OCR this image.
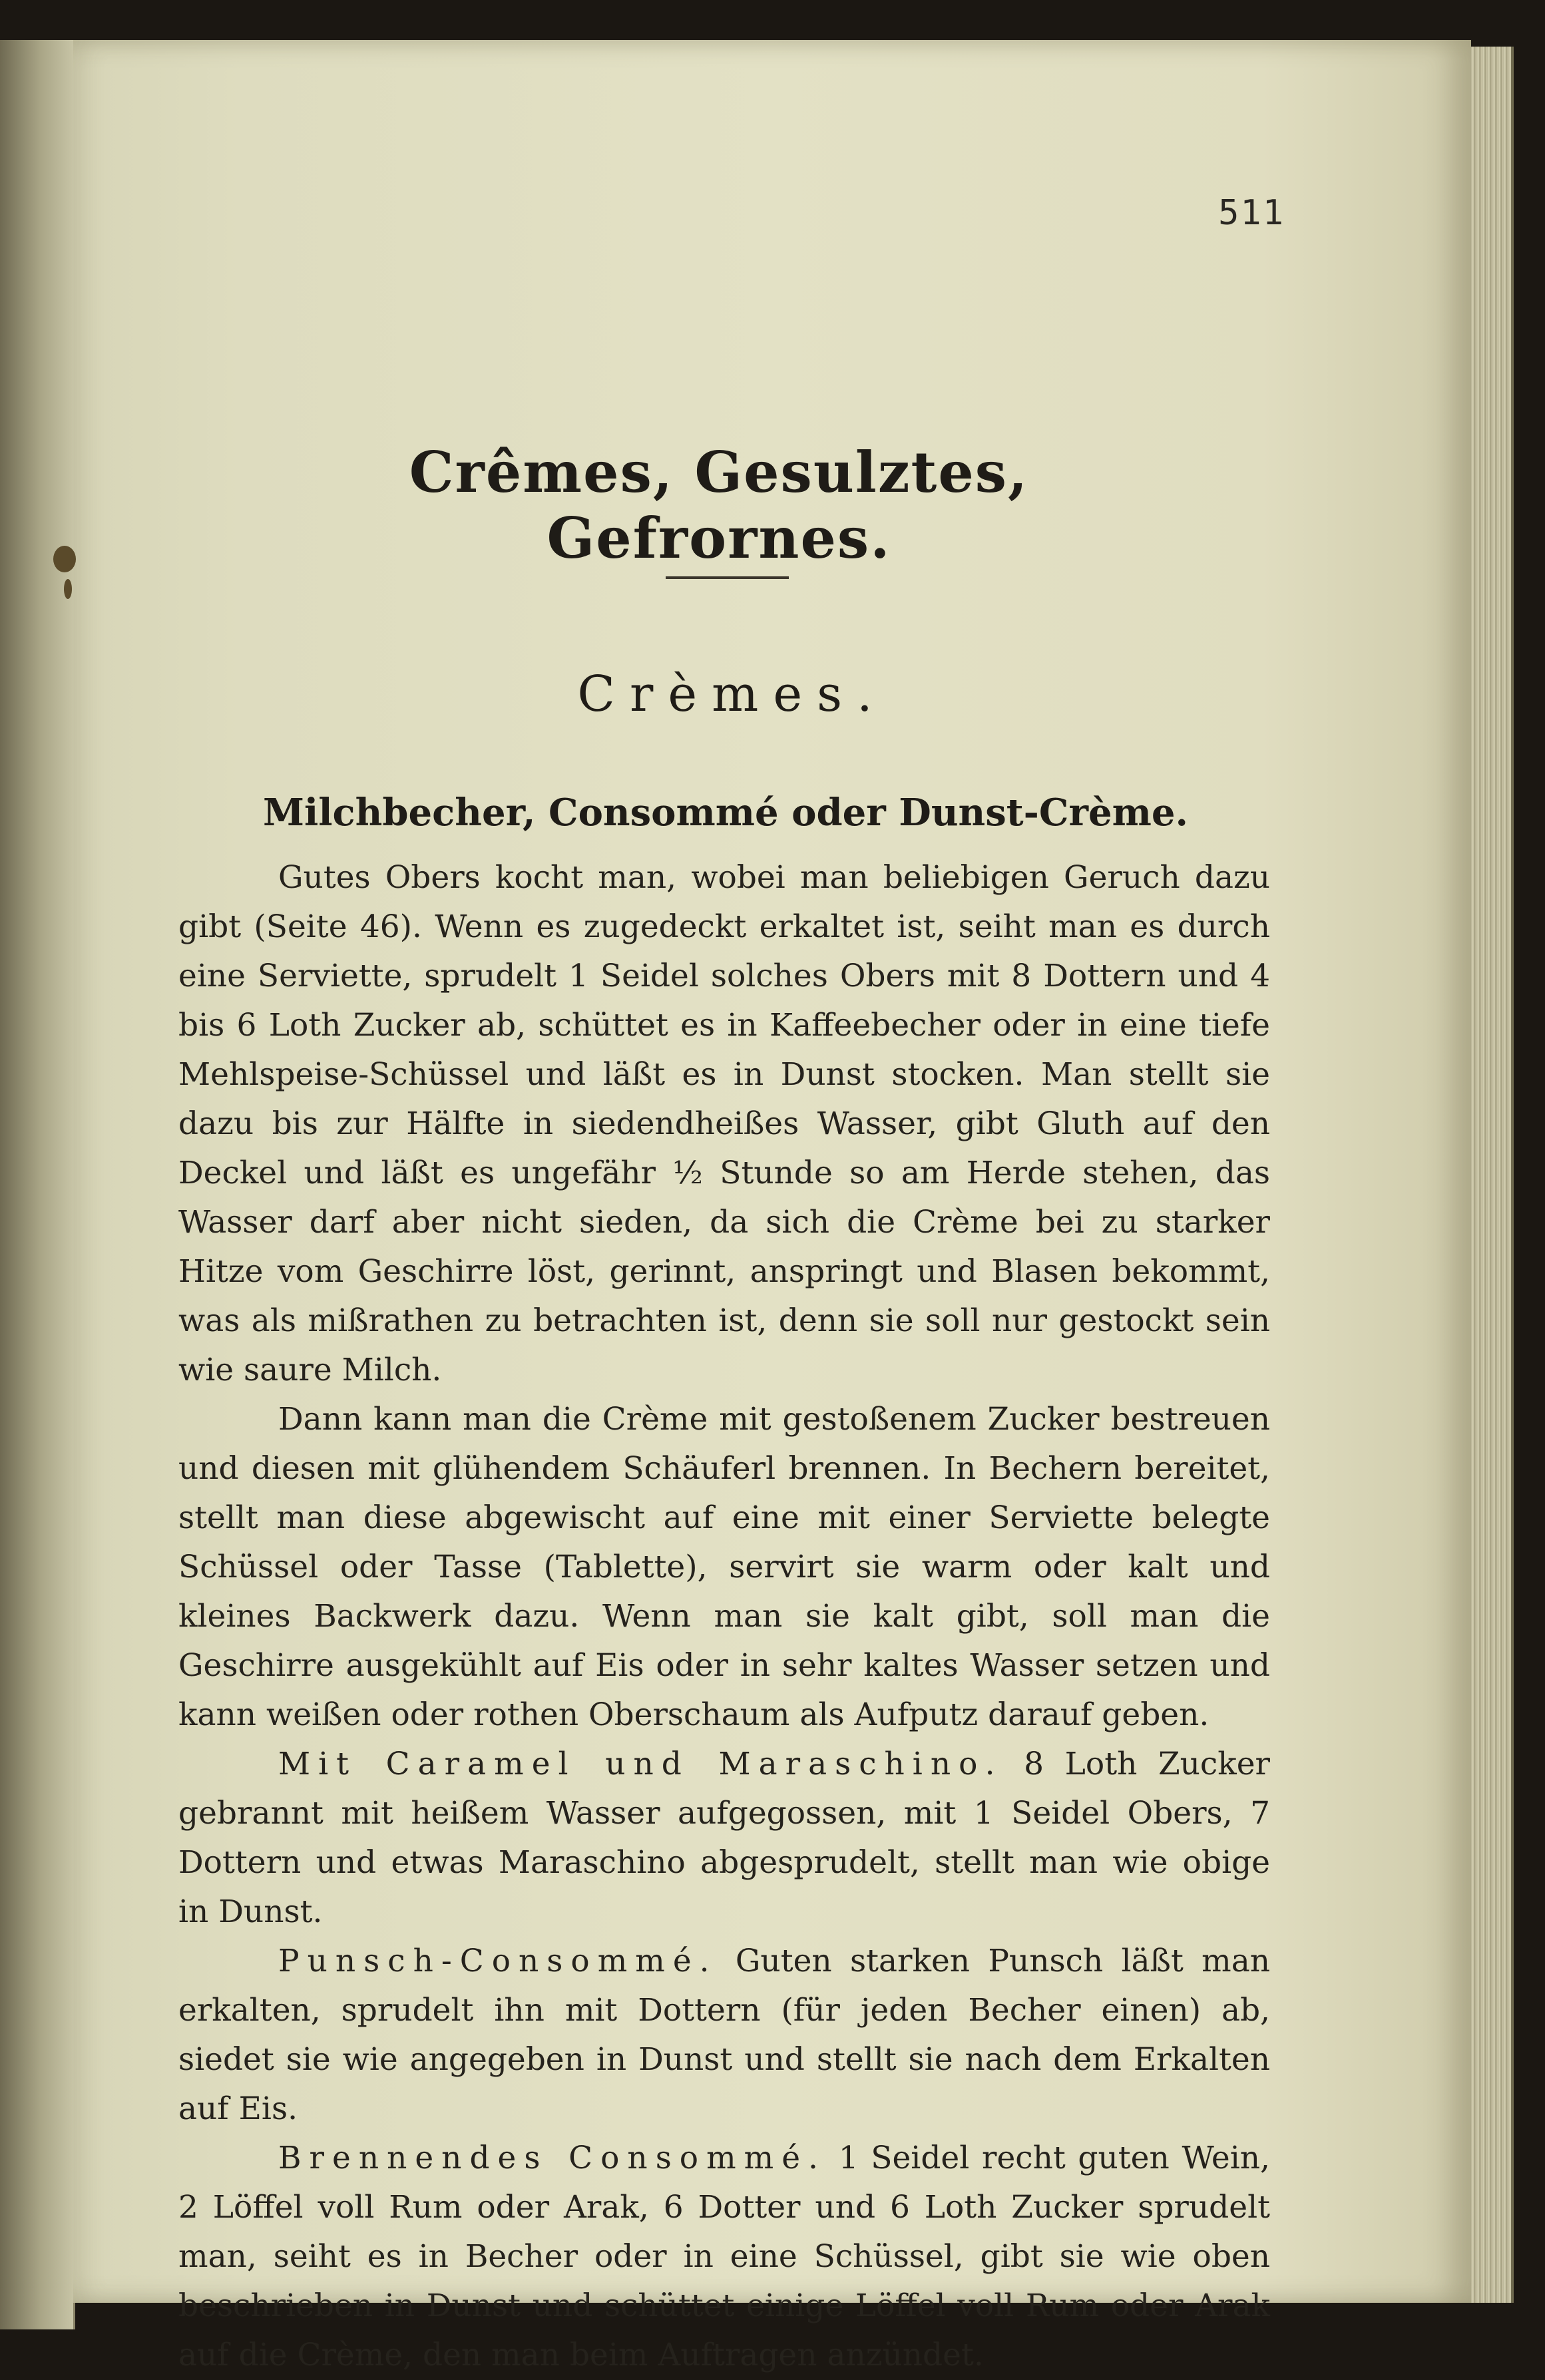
511
Crêmes, Gesulztes, Gefrornes.
Crèmes.
Milchbecher, Consommé oder Dunst-Crème.

Gutes Obers kocht man, wobei man beliebigen Geruch dazu gibt (Seite 46). Wenn es zugedeckt erkaltet ist, seiht man es durch eine Serviette, sprudelt 1 Seidel solches Obers mit 8 Dottern und 4 bis 6 Loth Zucker ab, schüttet es in Kaffeebecher oder in eine tiefe Mehlspeise-Schüssel und läßt es in Dunst stocken. Man stellt sie dazu bis zur Hälfte in siedendheißes Wasser, gibt Gluth auf den Deckel und läßt es ungefähr ½ Stunde so am Herde stehen, das Wasser darf aber nicht sieden, da sich die Crème bei zu starker Hitze vom Geschirre löst, gerinnt, anspringt und Blasen bekommt, was als mißrathen zu betrachten ist, denn sie soll nur gestockt sein wie saure Milch.

Dann kann man die Crème mit gestoßenem Zucker bestreuen und diesen mit glühendem Schäuferl brennen. In Bechern bereitet, stellt man diese abgewischt auf eine mit einer Serviette belegte Schüssel oder Tasse (Tablette), servirt sie warm oder kalt und kleines Backwerk dazu. Wenn man sie kalt gibt, soll man die Geschirre ausgekühlt auf Eis oder in sehr kaltes Wasser setzen und kann weißen oder rothen Oberschaum als Aufputz darauf geben.

Mit Caramel und Maraschino. 8 Loth Zucker gebrannt mit heißem Wasser aufgegossen, mit 1 Seidel Obers, 7 Dottern und etwas Maraschino abgesprudelt, stellt man wie obige in Dunst.

Punsch-Consommé. Guten starken Punsch läßt man erkalten, sprudelt ihn mit Dottern (für jeden Becher einen) ab, siedet sie wie angegeben in Dunst und stellt sie nach dem Erkalten auf Eis.

Brennendes Consommé. 1 Seidel recht guten Wein, 2 Löffel voll Rum oder Arak, 6 Dotter und 6 Loth Zucker sprudelt man, seiht es in Becher oder in eine Schüssel, gibt sie wie oben beschrieben in Dunst und schüttet einige Löffel voll Rum oder Arak auf die Crème, den man beim Auftragen anzündet.
